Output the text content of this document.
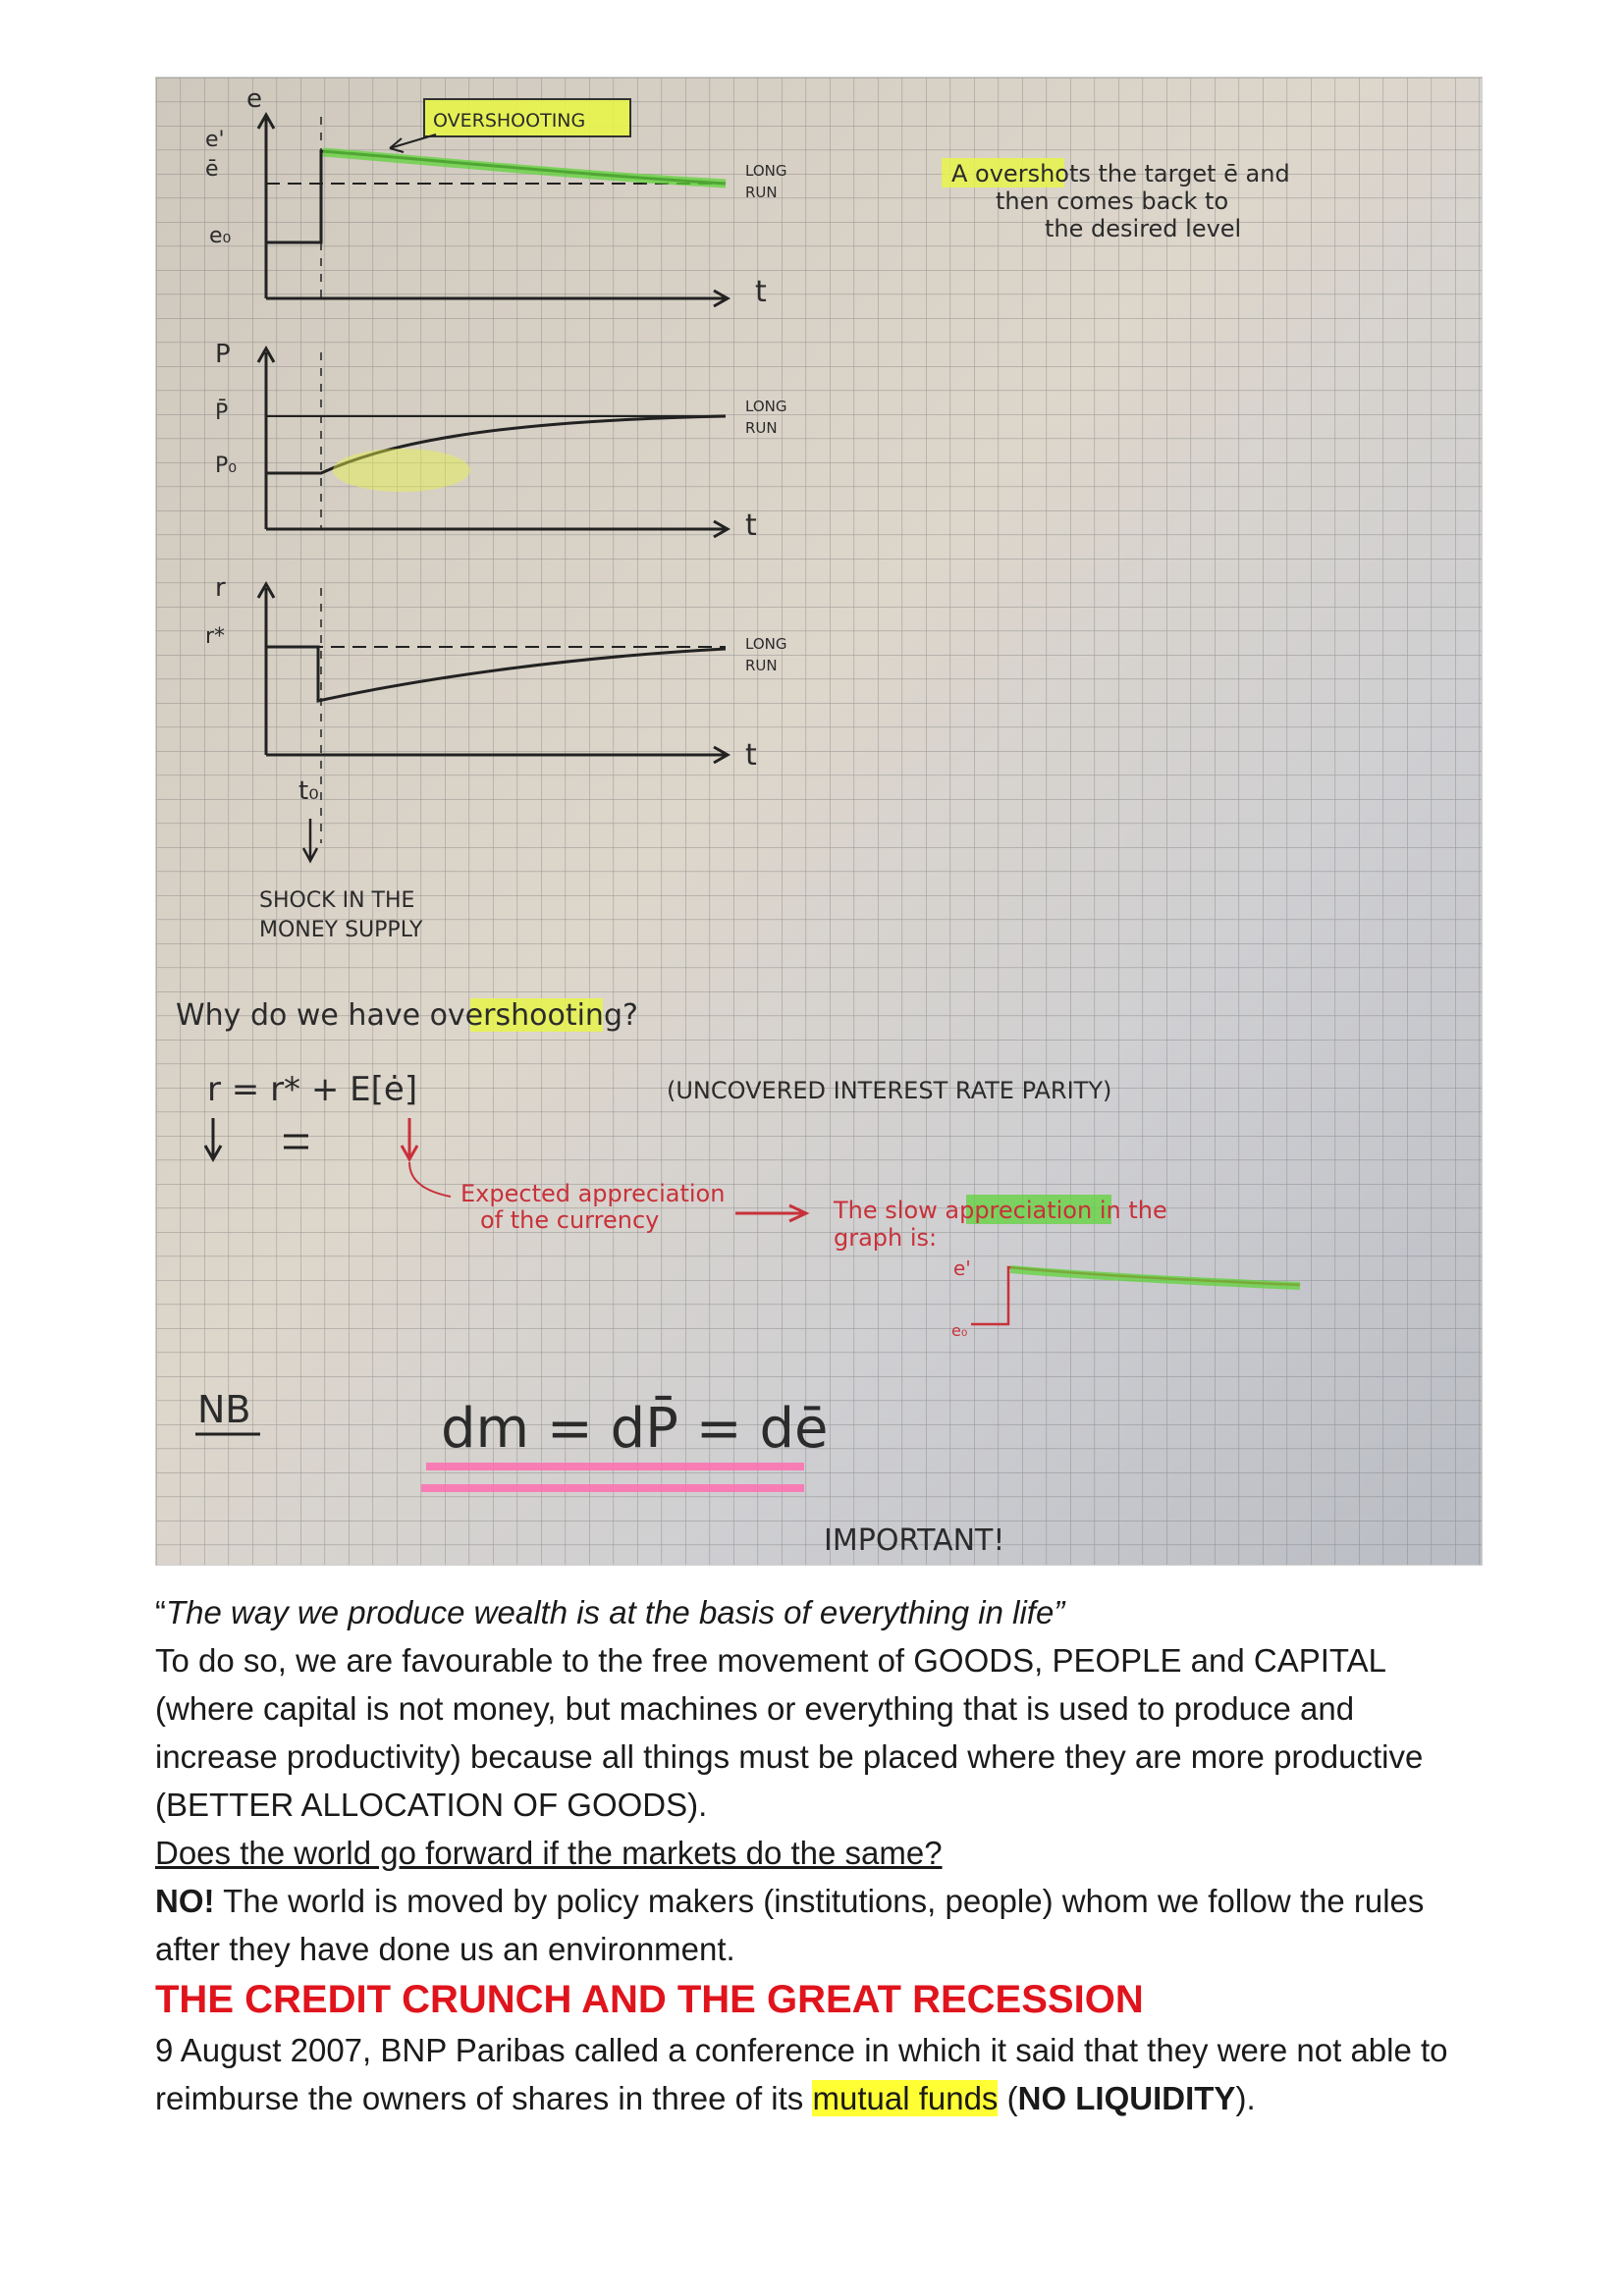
e
e'
ē
e₀
t
OVERSHOOTING
LONG
RUN
A overshots the target ē and
then comes back to
the desired level
P
P̄
P₀
t
LONG
RUN
r
r*
t
LONG
RUN
t₀
SHOCK IN THE
MONEY SUPPLY
Why do we have overshooting?
r = r* + E[ė]	(UNCOVERED INTEREST RATE PARITY)
Expected appreciation
of the currency	The slow appreciation in the
graph is:
e'
e₀
NB	dm = dP̄ = dē
IMPORTANT!

“The way we produce wealth is at the basis of everything in life”

To do so, we are favourable to the free movement of GOODS, PEOPLE and CAPITAL (where capital is not money, but machines or everything that is used to produce and increase productivity) because all things must be placed where they are more productive (BETTER ALLOCATION OF GOODS).

Does the world go forward if the markets do the same?

NO! The world is moved by policy makers (institutions, people) whom we follow the rules after they have done us an environment.

THE CREDIT CRUNCH AND THE GREAT RECESSION

9 August 2007, BNP Paribas called a conference in which it said that they were not able to reimburse the owners of shares in three of its mutual funds (NO LIQUIDITY).
